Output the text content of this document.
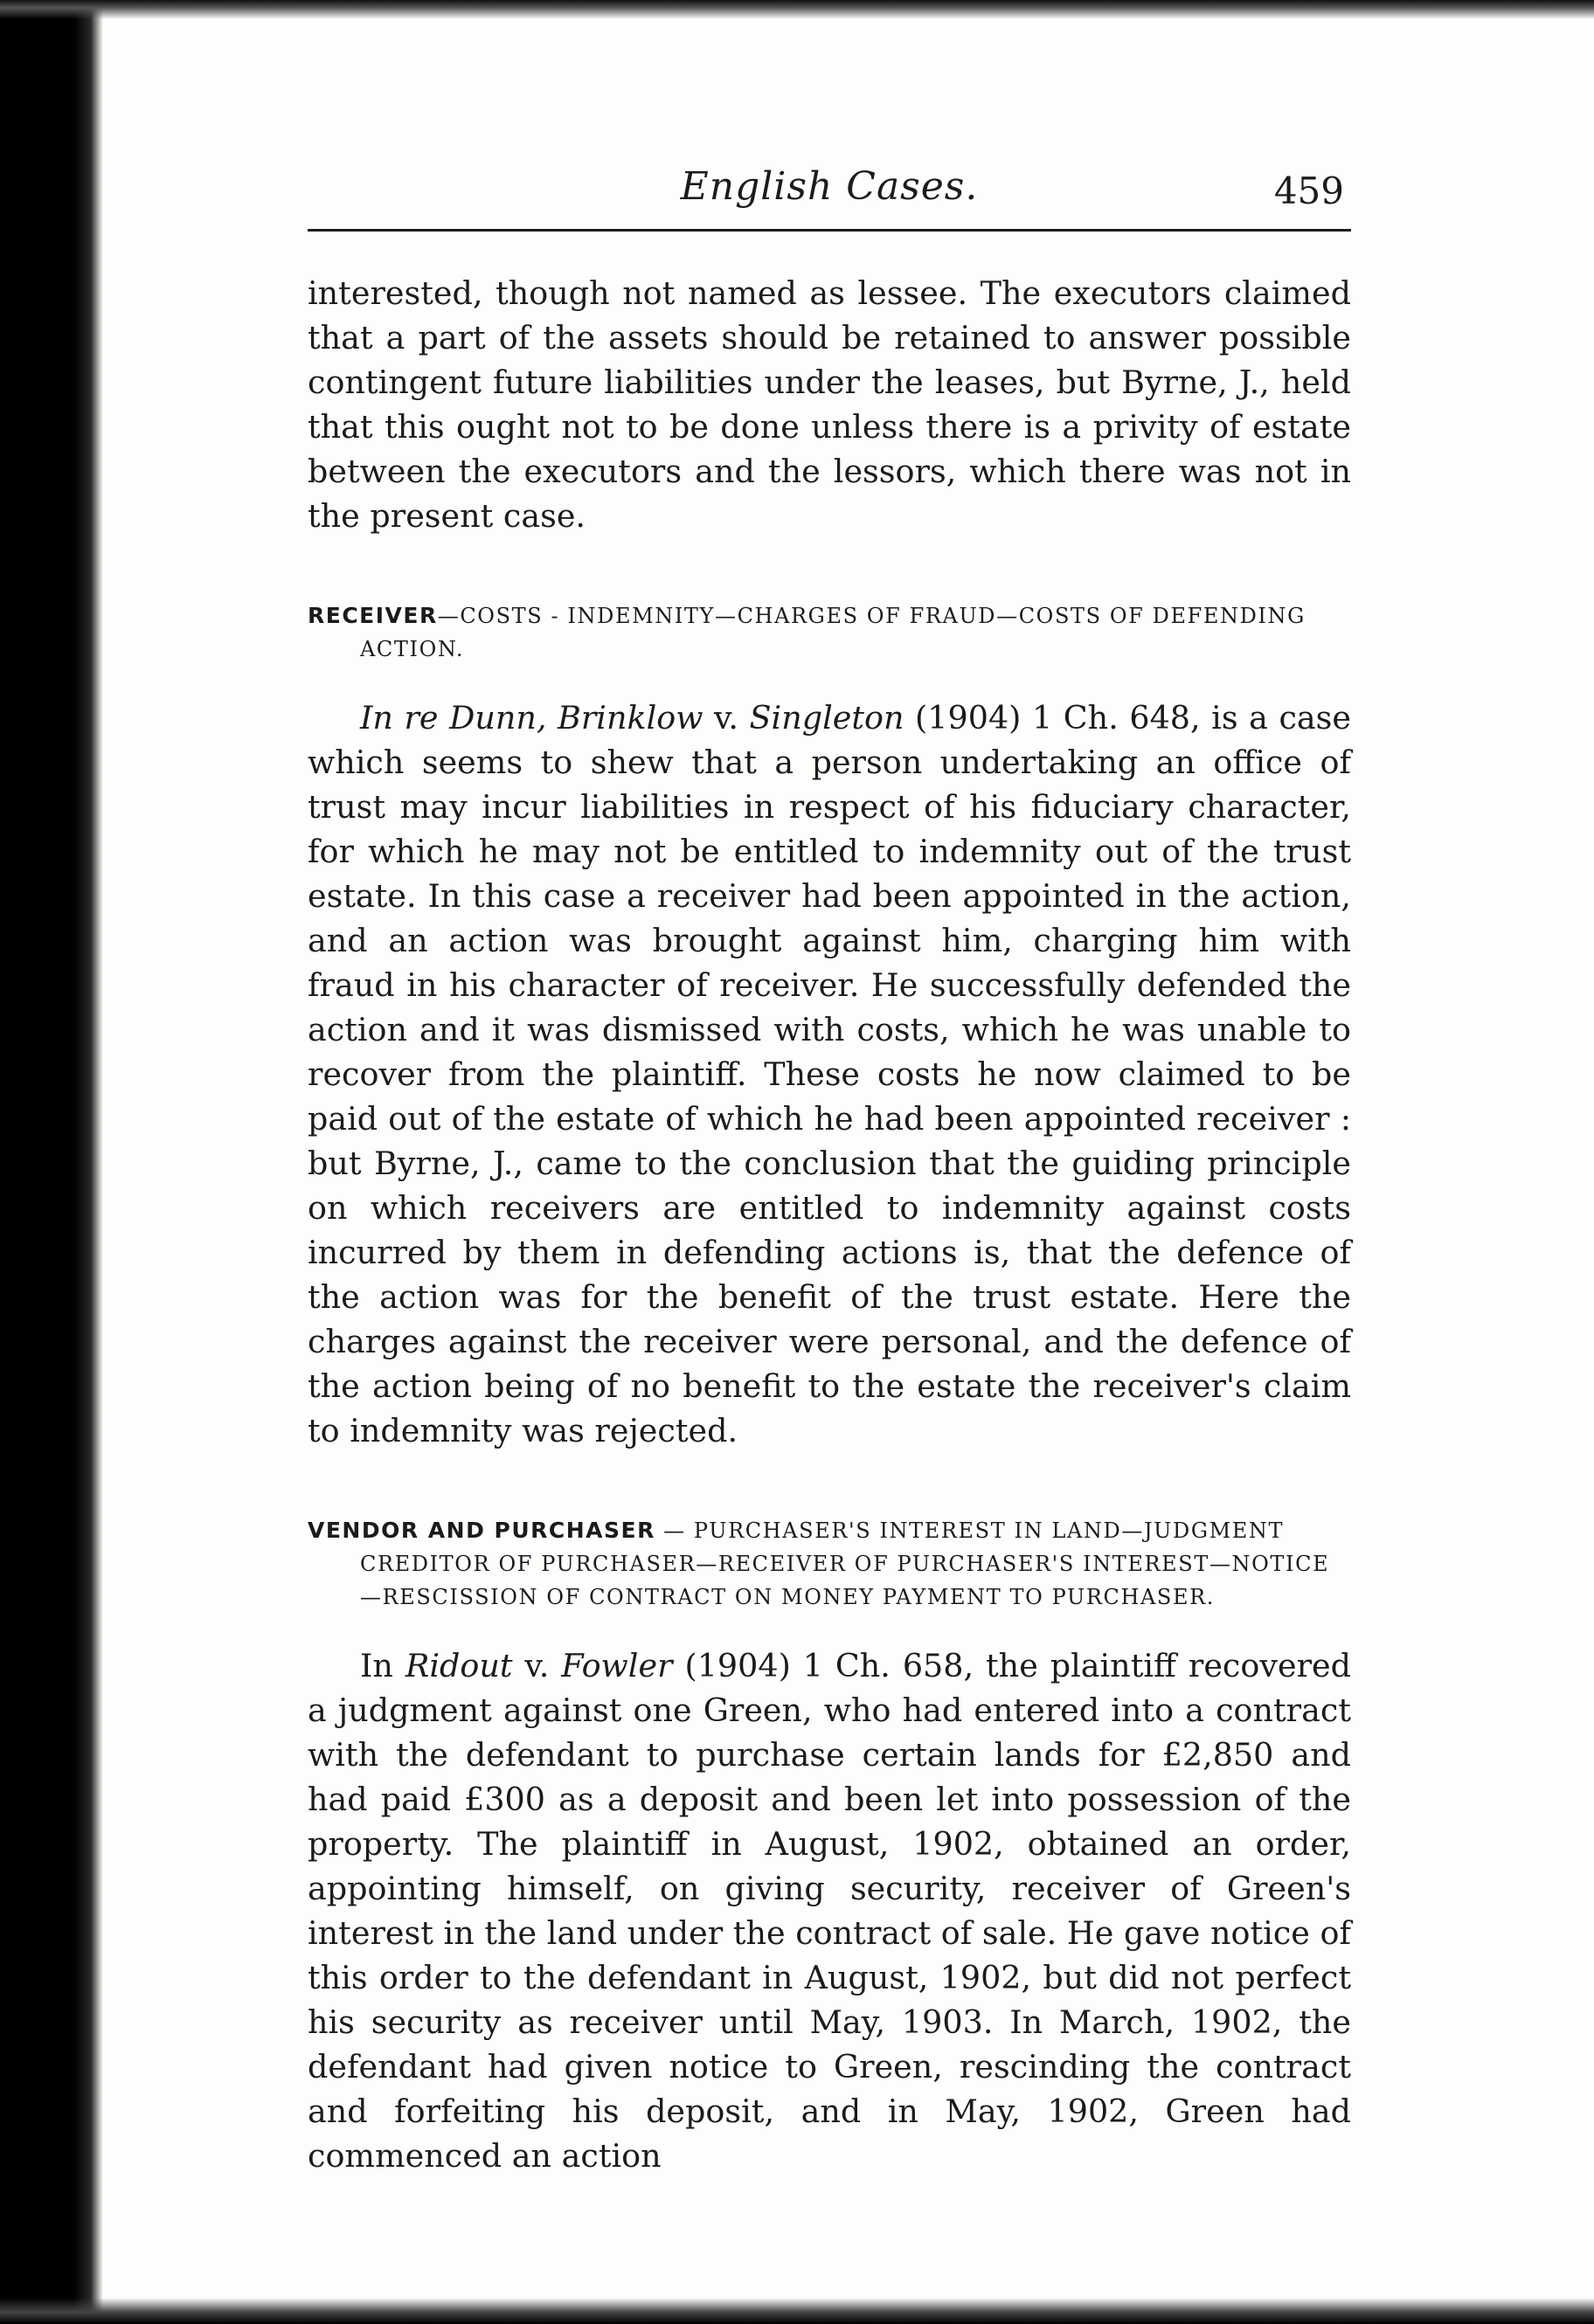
English Cases.	459

interested, though not named as lessee. The executors claimed that a part of the assets should be retained to answer possible contingent future liabilities under the leases, but Byrne, J., held that this ought not to be done unless there is a privity of estate between the executors and the lessors, which there was not in the present case.

RECEIVER—COSTS - INDEMNITY—CHARGES OF FRAUD—COSTS OF DEFENDING ACTION.

In re Dunn, Brinklow v. Singleton (1904) 1 Ch. 648, is a case which seems to shew that a person undertaking an office of trust may incur liabilities in respect of his fiduciary character, for which he may not be entitled to indemnity out of the trust estate. In this case a receiver had been appointed in the action, and an action was brought against him, charging him with fraud in his character of receiver. He successfully defended the action and it was dismissed with costs, which he was unable to recover from the plaintiff. These costs he now claimed to be paid out of the estate of which he had been appointed receiver : but Byrne, J., came to the conclusion that the guiding principle on which receivers are entitled to indemnity against costs incurred by them in defending actions is, that the defence of the action was for the benefit of the trust estate. Here the charges against the receiver were personal, and the defence of the action being of no benefit to the estate the receiver's claim to indemnity was rejected.

VENDOR AND PURCHASER — PURCHASER'S INTEREST IN LAND—JUDGMENT CREDITOR OF PURCHASER—RECEIVER OF PURCHASER'S INTEREST—NOTICE—RESCISSION OF CONTRACT ON MONEY PAYMENT TO PURCHASER.

In Ridout v. Fowler (1904) 1 Ch. 658, the plaintiff recovered a judgment against one Green, who had entered into a contract with the defendant to purchase certain lands for £2,850 and had paid £300 as a deposit and been let into possession of the property. The plaintiff in August, 1902, obtained an order, appointing himself, on giving security, receiver of Green's interest in the land under the contract of sale. He gave notice of this order to the defendant in August, 1902, but did not perfect his security as receiver until May, 1903. In March, 1902, the defendant had given notice to Green, rescinding the contract and forfeiting his deposit, and in May, 1902, Green had commenced an action
